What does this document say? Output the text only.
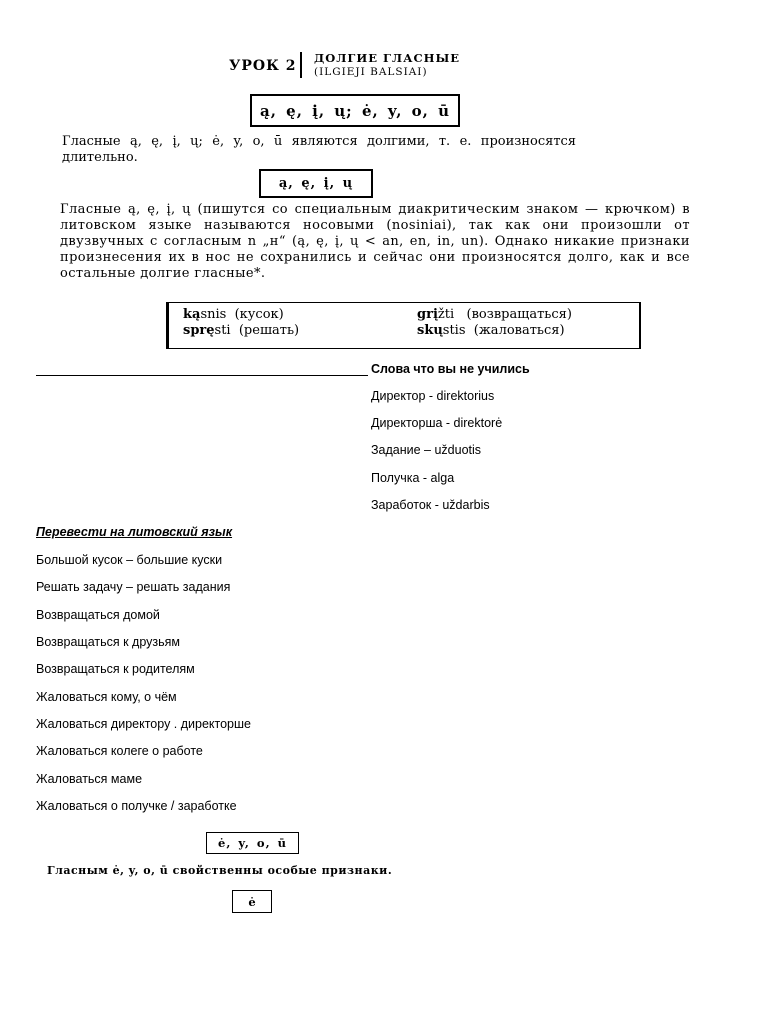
УРОК 2 ДОЛГИЕ ГЛАСНЫЕ
(ILGIEJI BALSIAI)
ą, ę, į, ų; ė, y, o, ū
Гласные ą, ę, į, ų; ė, y, o, ū являются долгими, т. е. произносятся длительно.
ą, ę, į, ų
Гласные ą, ę, į, ų (пишутся со специальным диакритическим знаком — крючком) в литовском языке называются носовыми (nosiniai), так как они произошли от двузвучных с согласным n „н“ (ą, ę, į, ų < an, en, in, un). Однако никакие признаки произнесения их в нос не сохранились и сейчас они произносятся долго, как и все остальные долгие гласные*.
kąsnis (кусок)
spręsti (решать)
grįžti (возвращаться)
skųstis (жаловаться)
Слова что вы не учились
Директор - direktorius
Директорша - direktorė
Задание – užduotis
Получка - alga
Заработок - uždarbis
Перевести на литовский язык
Большой кусок – большие куски
Решать задачу – решать задания
Возвращаться домой
Возвращаться к друзьям
Возвращаться к родителям
Жаловаться кому, о чём
Жаловаться директору . директорше
Жаловаться колеге о работе
Жаловаться маме
Жаловаться о получке / заработке
ė, y, o, ū
Гласным ė, y, o, ū свойственны особые признаки.
ė
